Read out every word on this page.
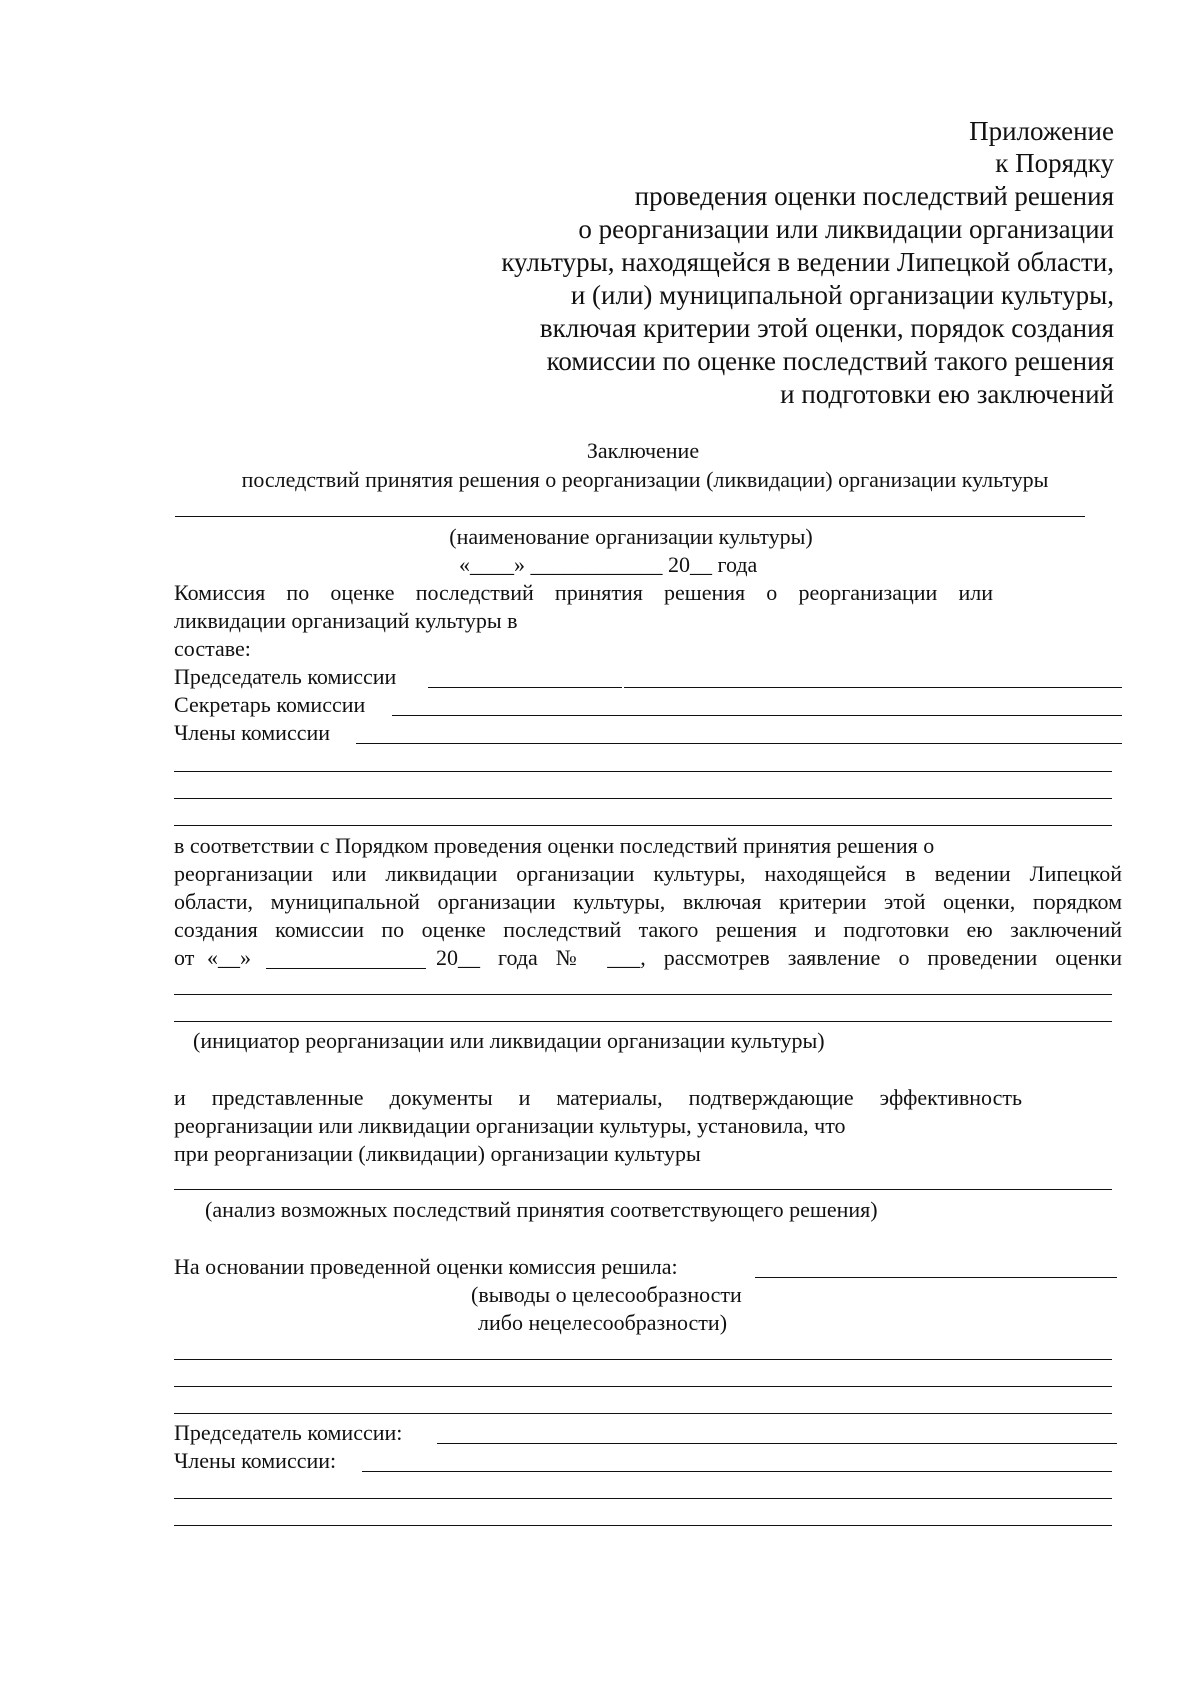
Приложение
к Порядку
проведения оценки последствий решения
о реорганизации или ликвидации организации
культуры, находящейся в ведении Липецкой области,
и (или) муниципальной организации культуры,
включая критерии этой оценки, порядок создания
комиссии по оценке последствий такого решения
и подготовки ею заключений
Заключение
последствий принятия решения о реорганизации (ликвидации) организации культуры
(наименование организации культуры)
«____» ____________ 20__ года
Комиссия по оценке последствий принятия решения о реорганизации или
ликвидации организаций культуры в
составе:
Председатель комиссии
Секретарь комиссии
Члены комиссии
в соответствии с Порядком проведения оценки последствий принятия решения о
реорганизации или ликвидации организации культуры, находящейся в ведении Липецкой
области, муниципальной организации культуры, включая критерии этой оценки, порядком
создания комиссии по оценке последствий такого решения и подготовки ею заключений
от «__»	20__ года № ___, рассмотрев заявление о проведении оценки
(инициатор реорганизации или ликвидации организации культуры)
и представленные документы и материалы, подтверждающие эффективность
реорганизации или ликвидации организации культуры, установила, что
при реорганизации (ликвидации) организации культуры
(анализ возможных последствий принятия соответствующего решения)
На основании проведенной оценки комиссия решила:
(выводы о целесообразности
либо нецелесообразности)
Председатель комиссии:
Члены комиссии:
